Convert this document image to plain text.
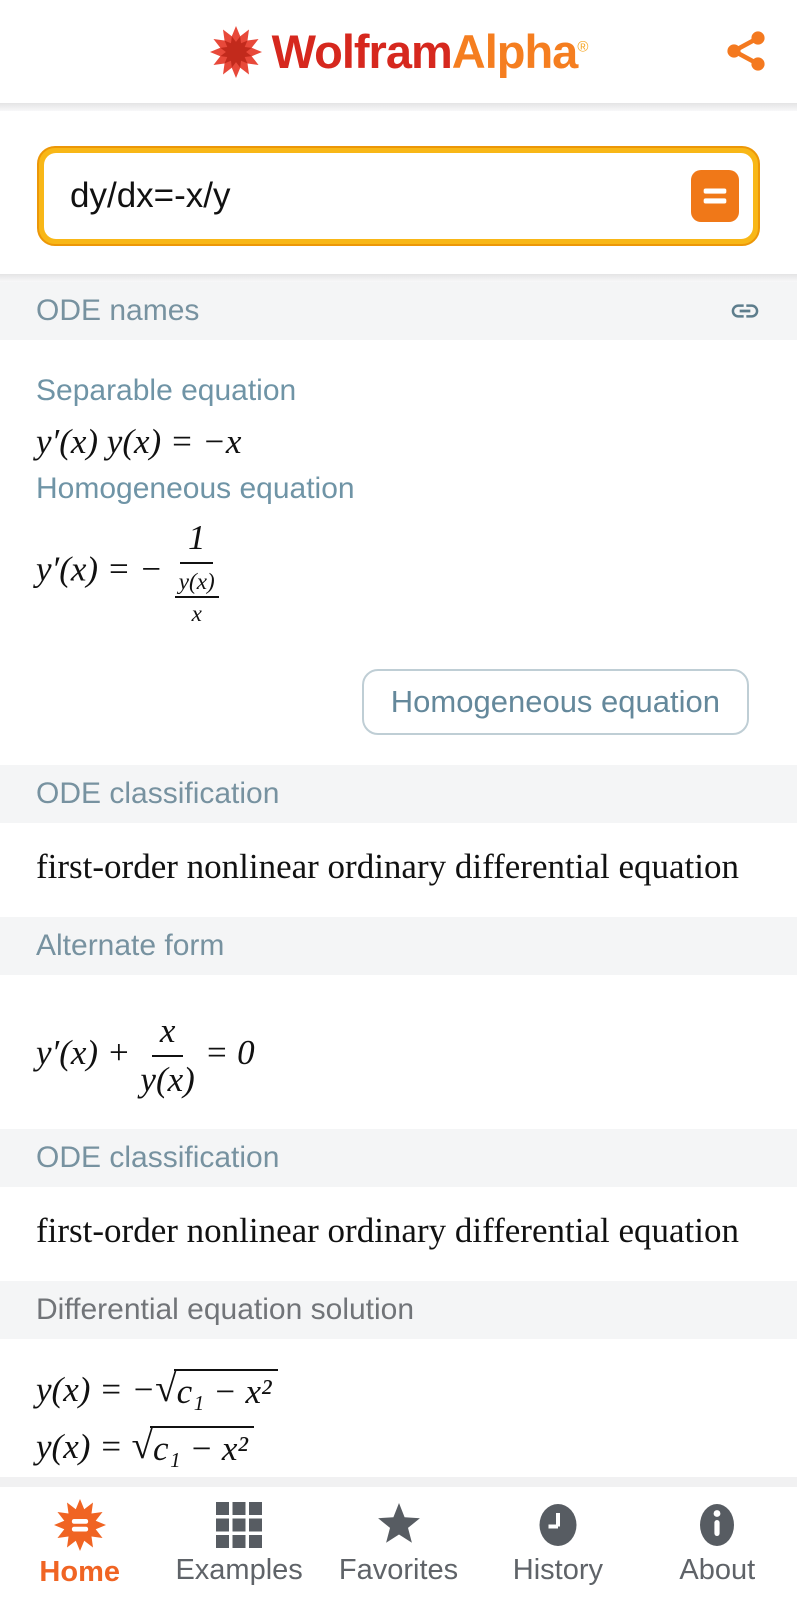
WolframAlpha®
dy/dx=-x/y
ODE names
Separable equation
y′(x) y(x) = −x
Homogeneous equation
y′(x) = − $\frac{1}{\frac{y(x)}{x}}$
Homogeneous equation
ODE classification
first-order nonlinear ordinary differential equation
Alternate form
$y'(x) + \frac{x}{y(x)} = 0$
ODE classification
first-order nonlinear ordinary differential equation
Differential equation solution
y(x) = − √ c₁ − x²
y(x) = √ c₁ − x²
Home Examples Favorites History	About
